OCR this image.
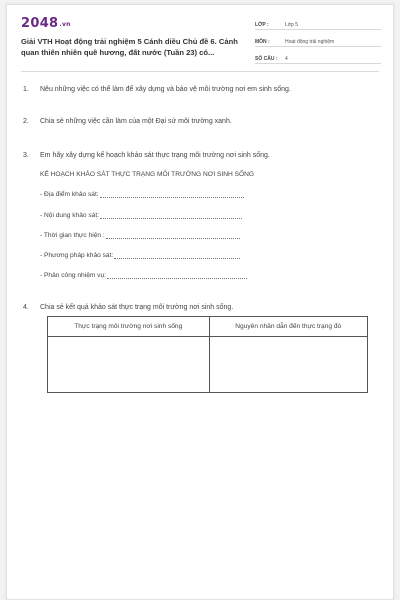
2048.vn
Giải VTH Hoạt động trải nghiệm 5 Cánh diều Chủ đề 6. Cảnh quan thiên nhiên quê hương, đất nước (Tuần 23) có...
LỚP :	Lớp 5
MÔN :	Hoạt động trải nghiệm
SỐ CÂU :	4
1.	Nêu những việc có thể làm để xây dựng và bảo vệ môi trường nơi em sinh sống.
2.	Chia sẻ những việc cần làm của một Đại sứ môi trường xanh.
3.	Em hãy xây dựng kế hoạch khảo sát thực trạng môi trường nơi sinh sống.
KẾ HOẠCH KHẢO SÁT THỰC TRẠNG MÔI TRƯỜNG NƠI SINH SỐNG
- Địa điểm khảo sát:
- Nội dung khảo sát:
- Thời gian thực hiện :
- Phương pháp khảo sát:
- Phân công nhiệm vụ:
4.	Chia sẻ kết quả khảo sát thực trạng môi trường nơi sinh sống.
Thực trạng môi trường nơi sinh sống	Nguyên nhân dẫn đến thực trạng đó
